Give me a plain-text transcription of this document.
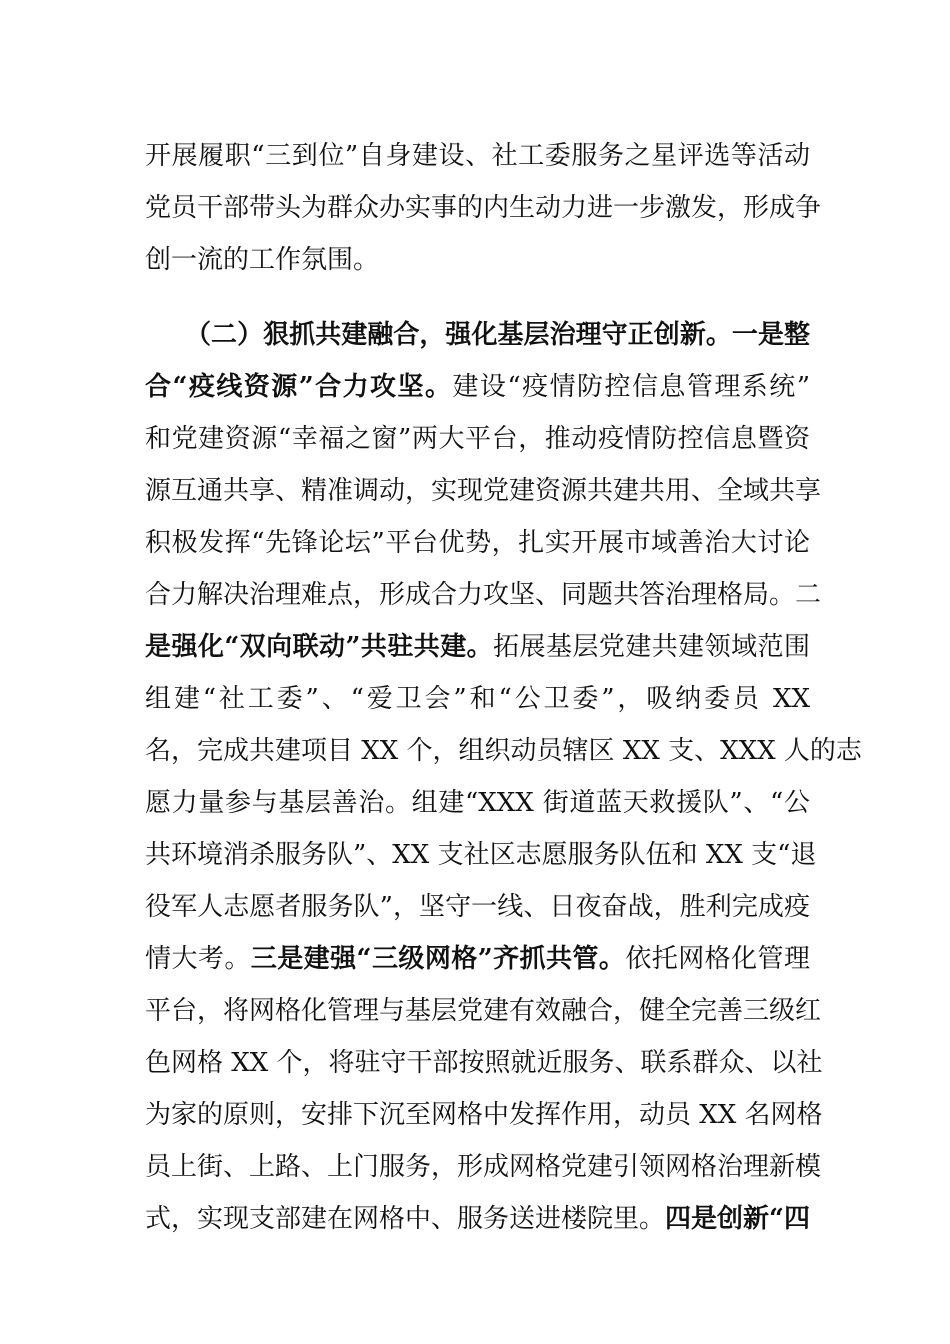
开展履职“三到位”自身建设、社工委服务之星评选等活动
党员干部带头为群众办实事的内生动力进一步激发，形成争
创一流的工作氛围。
（二）狠抓共建融合，强化基层治理守正创新。一是整
合“疫线资源”合力攻坚。建设“疫情防控信息管理系统”
和党建资源“幸福之窗”两大平台，推动疫情防控信息暨资
源互通共享、精准调动，实现党建资源共建共用、全域共享
积极发挥“先锋论坛”平台优势，扎实开展市域善治大讨论
合力解决治理难点，形成合力攻坚、同题共答治理格局。二
是强化“双向联动”共驻共建。拓展基层党建共建领域范围
组建“社工委”、“爱卫会”和“公卫委”，吸纳委员 XX
名，完成共建项目 XX 个，组织动员辖区 XX 支、XXX 人的志
愿力量参与基层善治。组建“XXX 街道蓝天救援队”、“公
共环境消杀服务队”、XX 支社区志愿服务队伍和 XX 支“退
役军人志愿者服务队”，坚守一线、日夜奋战，胜利完成疫
情大考。三是建强“三级网格”齐抓共管。依托网格化管理
平台，将网格化管理与基层党建有效融合，健全完善三级红
色网格 XX 个，将驻守干部按照就近服务、联系群众、以社
为家的原则，安排下沉至网格中发挥作用，动员 XX 名网格
员上街、上路、上门服务，形成网格党建引领网格治理新模
式，实现支部建在网格中、服务送进楼院里。四是创新“四
